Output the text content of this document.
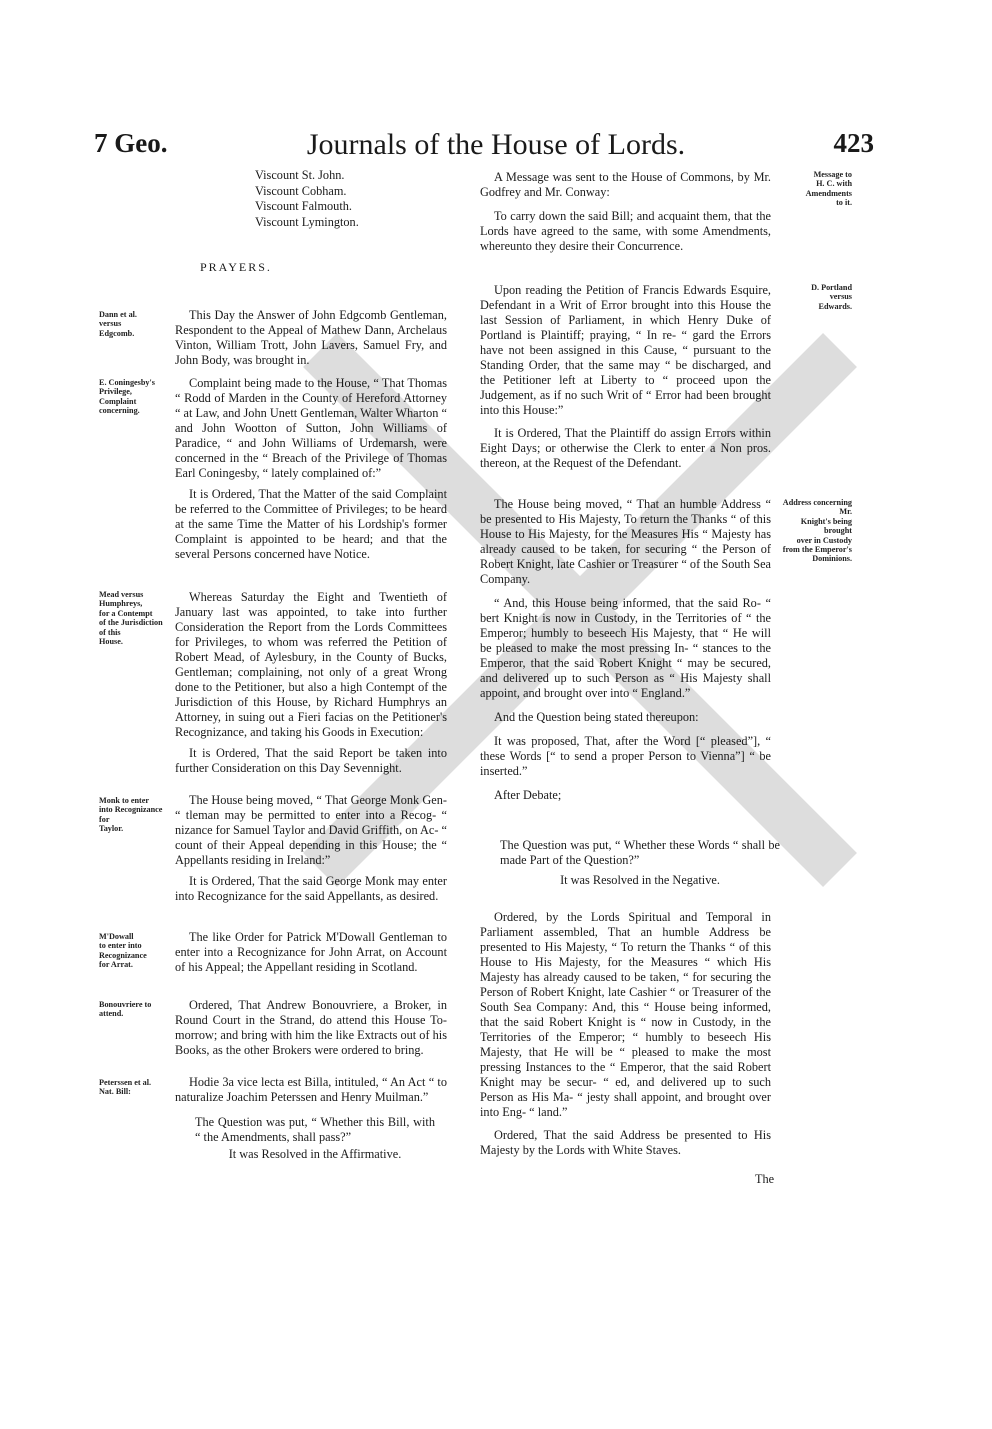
7 Geo.	Journals of the House of Lords.	423
Viscount St. John.
Viscount Cobham.
Viscount Falmouth.
Viscount Lymington.
PRAYERS.
Dann et al.
versus
Edgcomb.

This Day the Answer of John Edgcomb Gentleman, Respondent to the Appeal of Mathew Dann, Archelaus Vinton, William Trott, John Lavers, Samuel Fry, and John Body, was brought in.

E. Coningesby's Privilege,
Complaint
concerning.

Complaint being made to the House, “ That Thomas “ Rodd of Marden in the County of Hereford Attorney “ at Law, and John Unett Gentleman, Walter Wharton “ and John Wootton of Sutton, John Williams of Paradice, “ and John Williams of Urdemarsh, were concerned in the “ Breach of the Privilege of Thomas Earl Coningesby, “ lately complained of:”

It is Ordered, That the Matter of the said Complaint be referred to the Committee of Privileges; to be heard at the same Time the Matter of his Lordship's former Complaint is appointed to be heard; and that the several Persons concerned have Notice.

Mead versus
Humphreys,
for a Contempt
of the Jurisdiction of this
House.

Whereas Saturday the Eight and Twentieth of January last was appointed, to take into further Consideration the Report from the Lords Committees for Privileges, to whom was referred the Petition of Robert Mead, of Aylesbury, in the County of Bucks, Gentleman; complaining, not only of a great Wrong done to the Petitioner, but also a high Contempt of the Jurisdiction of this House, by Richard Humphrys an Attorney, in suing out a Fieri facias on the Petitioner's Recognizance, and taking his Goods in Execution:

It is Ordered, That the said Report be taken into further Consideration on this Day Sevennight.

Monk to enter
into Recognizance for
Taylor.

The House being moved, “ That George Monk Gen- “ tleman may be permitted to enter into a Recog- “ nizance for Samuel Taylor and David Griffith, on Ac- “ count of their Appeal depending in this House; the “ Appellants residing in Ireland:”

It is Ordered, That the said George Monk may enter into Recognizance for the said Appellants, as desired.

M'Dowall
to enter into
Recognizance
for Arrat.

The like Order for Patrick M'Dowall Gentleman to enter into a Recognizance for John Arrat, on Account of his Appeal; the Appellant residing in Scotland.

Bonouvriere to
attend.

Ordered, That Andrew Bonouvriere, a Broker, in Round Court in the Strand, do attend this House To-morrow; and bring with him the like Extracts out of his Books, as the other Brokers were ordered to bring.

Peterssen et al.
Nat. Bill:

Hodie 3a vice lecta est Billa, intituled, “ An Act “ to naturalize Joachim Peterssen and Henry Muilman.”

The Question was put, “ Whether this Bill, with “ the Amendments, shall pass?”

It was Resolved in the Affirmative.

Message to
H. C. with
Amendments
to it.

A Message was sent to the House of Commons, by Mr. Godfrey and Mr. Conway:

To carry down the said Bill; and acquaint them, that the Lords have agreed to the same, with some Amendments, whereunto they desire their Concurrence.

D. Portland
versus
Edwards.

Upon reading the Petition of Francis Edwards Esquire, Defendant in a Writ of Error brought into this House the last Session of Parliament, in which Henry Duke of Portland is Plaintiff; praying, “ In re- “ gard the Errors have not been assigned in this Cause, “ pursuant to the Standing Order, that the same may “ be discharged, and the Petitioner left at Liberty to “ proceed upon the Judgement, as if no such Writ of “ Error had been brought into this House:”

It is Ordered, That the Plaintiff do assign Errors within Eight Days; or otherwise the Clerk to enter a Non pros. thereon, at the Request of the Defendant.

Address concerning Mr.
Knight's being brought
over in Custody
from the Emperor's Dominions.

The House being moved, “ That an humble Address “ be presented to His Majesty, To return the Thanks “ of this House to His Majesty, for the Measures His “ Majesty has already caused to be taken, for securing “ the Person of Robert Knight, late Cashier or Treasurer “ of the South Sea Company.

“ And, this House being informed, that the said Ro- “ bert Knight is now in Custody, in the Territories of “ the Emperor; humbly to beseech His Majesty, that “ He will be pleased to make the most pressing In- “ stances to the Emperor, that the said Robert Knight “ may be secured, and delivered up to such Person as “ His Majesty shall appoint, and brought over into “ England.”

And the Question being stated thereupon:

It was proposed, That, after the Word [“ pleased”], “ these Words [“ to send a proper Person to Vienna”] “ be inserted.”

After Debate;

The Question was put, “ Whether these Words “ shall be made Part of the Question?”

It was Resolved in the Negative.

Ordered, by the Lords Spiritual and Temporal in Parliament assembled, That an humble Address be presented to His Majesty, “ To return the Thanks “ of this House to His Majesty, for the Measures “ which His Majesty has already caused to be taken, “ for securing the Person of Robert Knight, late Cashier “ or Treasurer of the South Sea Company: And, this “ House being informed, that the said Robert Knight is “ now in Custody, in the Territories of the Emperor; “ humbly to beseech His Majesty, that He will be “ pleased to make the most pressing Instances to the “ Emperor, that the said Robert Knight may be secur- “ ed, and delivered up to such Person as His Ma- “ jesty shall appoint, and brought over into Eng- “ land.”

Ordered, That the said Address be presented to His Majesty by the Lords with White Staves.

The
